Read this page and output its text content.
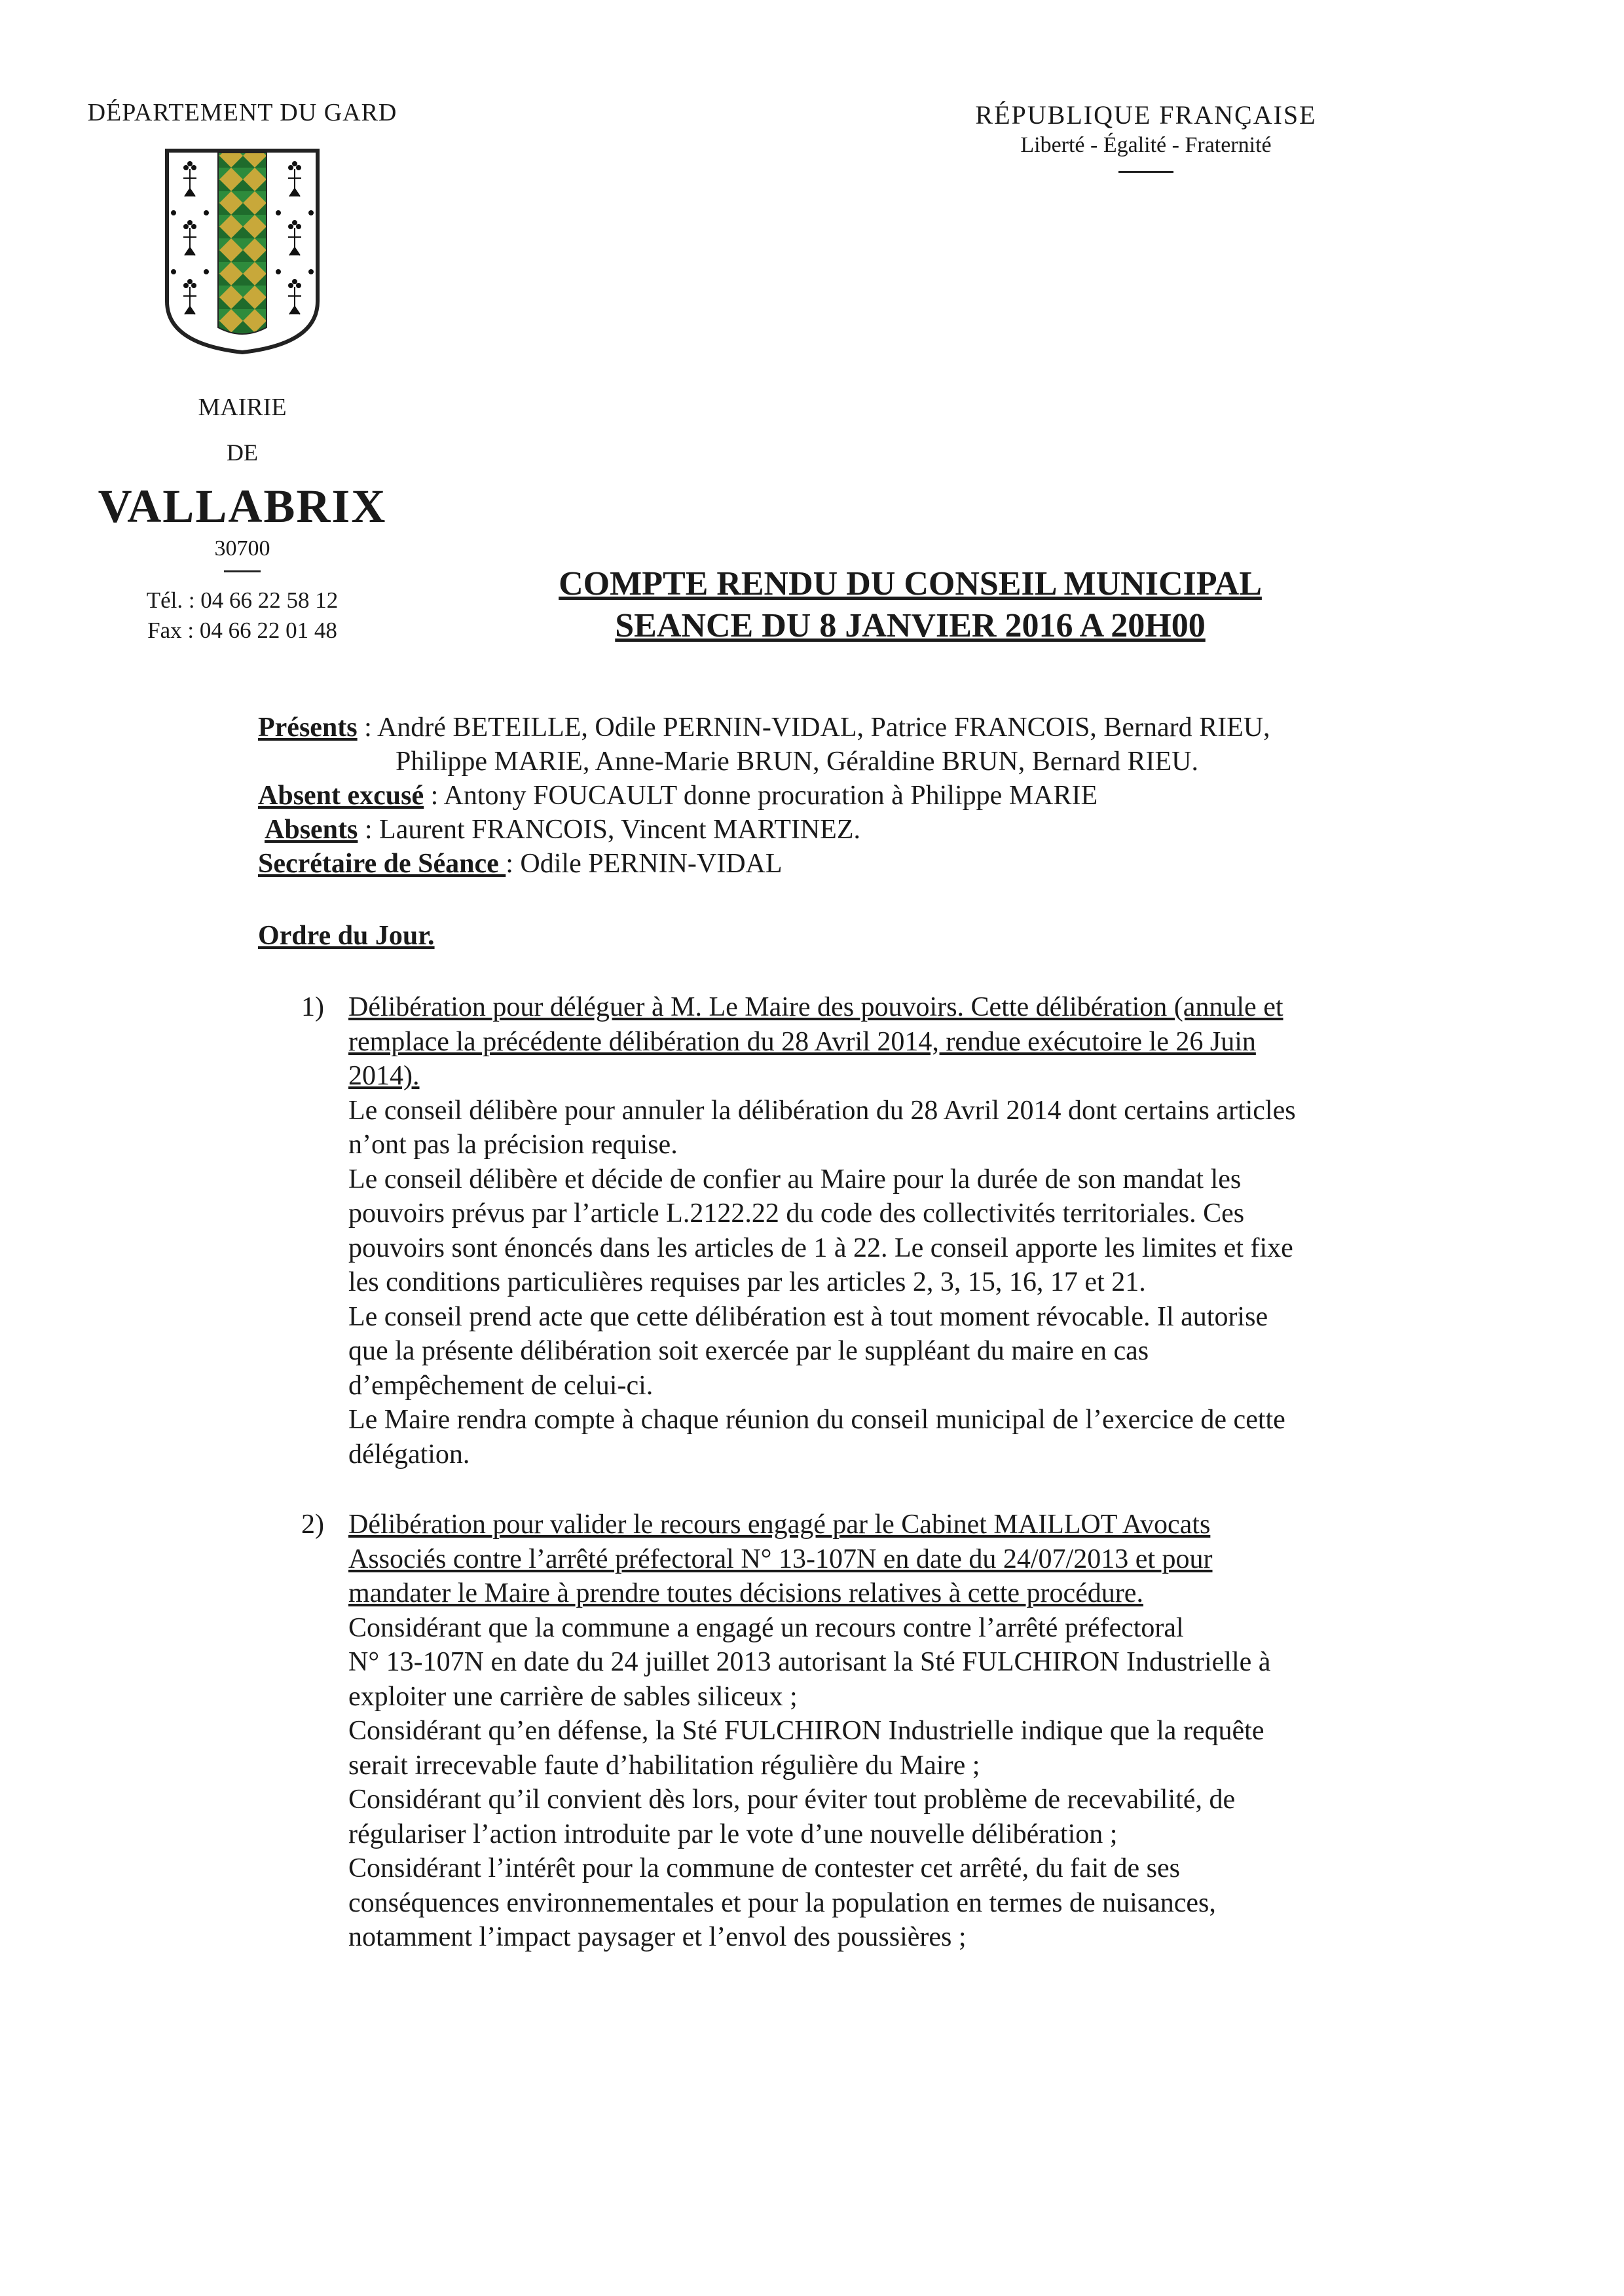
DÉPARTEMENT DU GARD
MAIRIE
DE
VALLABRIX
30700
Tél. : 04 66 22 58 12
Fax : 04 66 22 01 48
RÉPUBLIQUE FRANÇAISE
Liberté - Égalité - Fraternité
COMPTE RENDU DU CONSEIL MUNICIPAL
SEANCE DU 8 JANVIER 2016 A 20H00
Présents : André BETEILLE, Odile PERNIN-VIDAL, Patrice FRANCOIS, Bernard RIEU,
Philippe MARIE, Anne-Marie BRUN, Géraldine BRUN, Bernard RIEU.
Absent excusé : Antony FOUCAULT donne procuration à Philippe MARIE
Absents : Laurent FRANCOIS, Vincent MARTINEZ.
Secrétaire de Séance : Odile PERNIN-VIDAL
Ordre du Jour.
1) Délibération pour déléguer à M. Le Maire des pouvoirs. Cette délibération (annule et
remplace la précédente délibération du 28 Avril 2014, rendue exécutoire le 26 Juin
2014).
Le conseil délibère pour annuler la délibération du 28 Avril 2014 dont certains articles
n’ont pas la précision requise.
Le conseil délibère et décide de confier au Maire pour la durée de son mandat les
pouvoirs prévus par l’article L.2122.22 du code des collectivités territoriales. Ces
pouvoirs sont énoncés dans les articles de 1 à 22. Le conseil apporte les limites et fixe
les conditions particulières requises par les articles 2, 3, 15, 16, 17 et 21.
Le conseil prend acte que cette délibération est à tout moment révocable. Il autorise
que la présente délibération soit exercée par le suppléant du maire en cas
d’empêchement de celui-ci.
Le Maire rendra compte à chaque réunion du conseil municipal de l’exercice de cette
délégation.
2) Délibération pour valider le recours engagé par le Cabinet MAILLOT Avocats
Associés contre l’arrêté préfectoral N° 13-107N en date du 24/07/2013 et pour
mandater le Maire à prendre toutes décisions relatives à cette procédure.
Considérant que la commune a engagé un recours contre l’arrêté préfectoral
N° 13-107N en date du 24 juillet 2013 autorisant la Sté FULCHIRON Industrielle à
exploiter une carrière de sables siliceux ;
Considérant qu’en défense, la Sté FULCHIRON Industrielle indique que la requête
serait irrecevable faute d’habilitation régulière du Maire ;
Considérant qu’il convient dès lors, pour éviter tout problème de recevabilité, de
régulariser l’action introduite par le vote d’une nouvelle délibération ;
Considérant l’intérêt pour la commune de contester cet arrêté, du fait de ses
conséquences environnementales et pour la population en termes de nuisances,
notamment l’impact paysager et l’envol des poussières ;
